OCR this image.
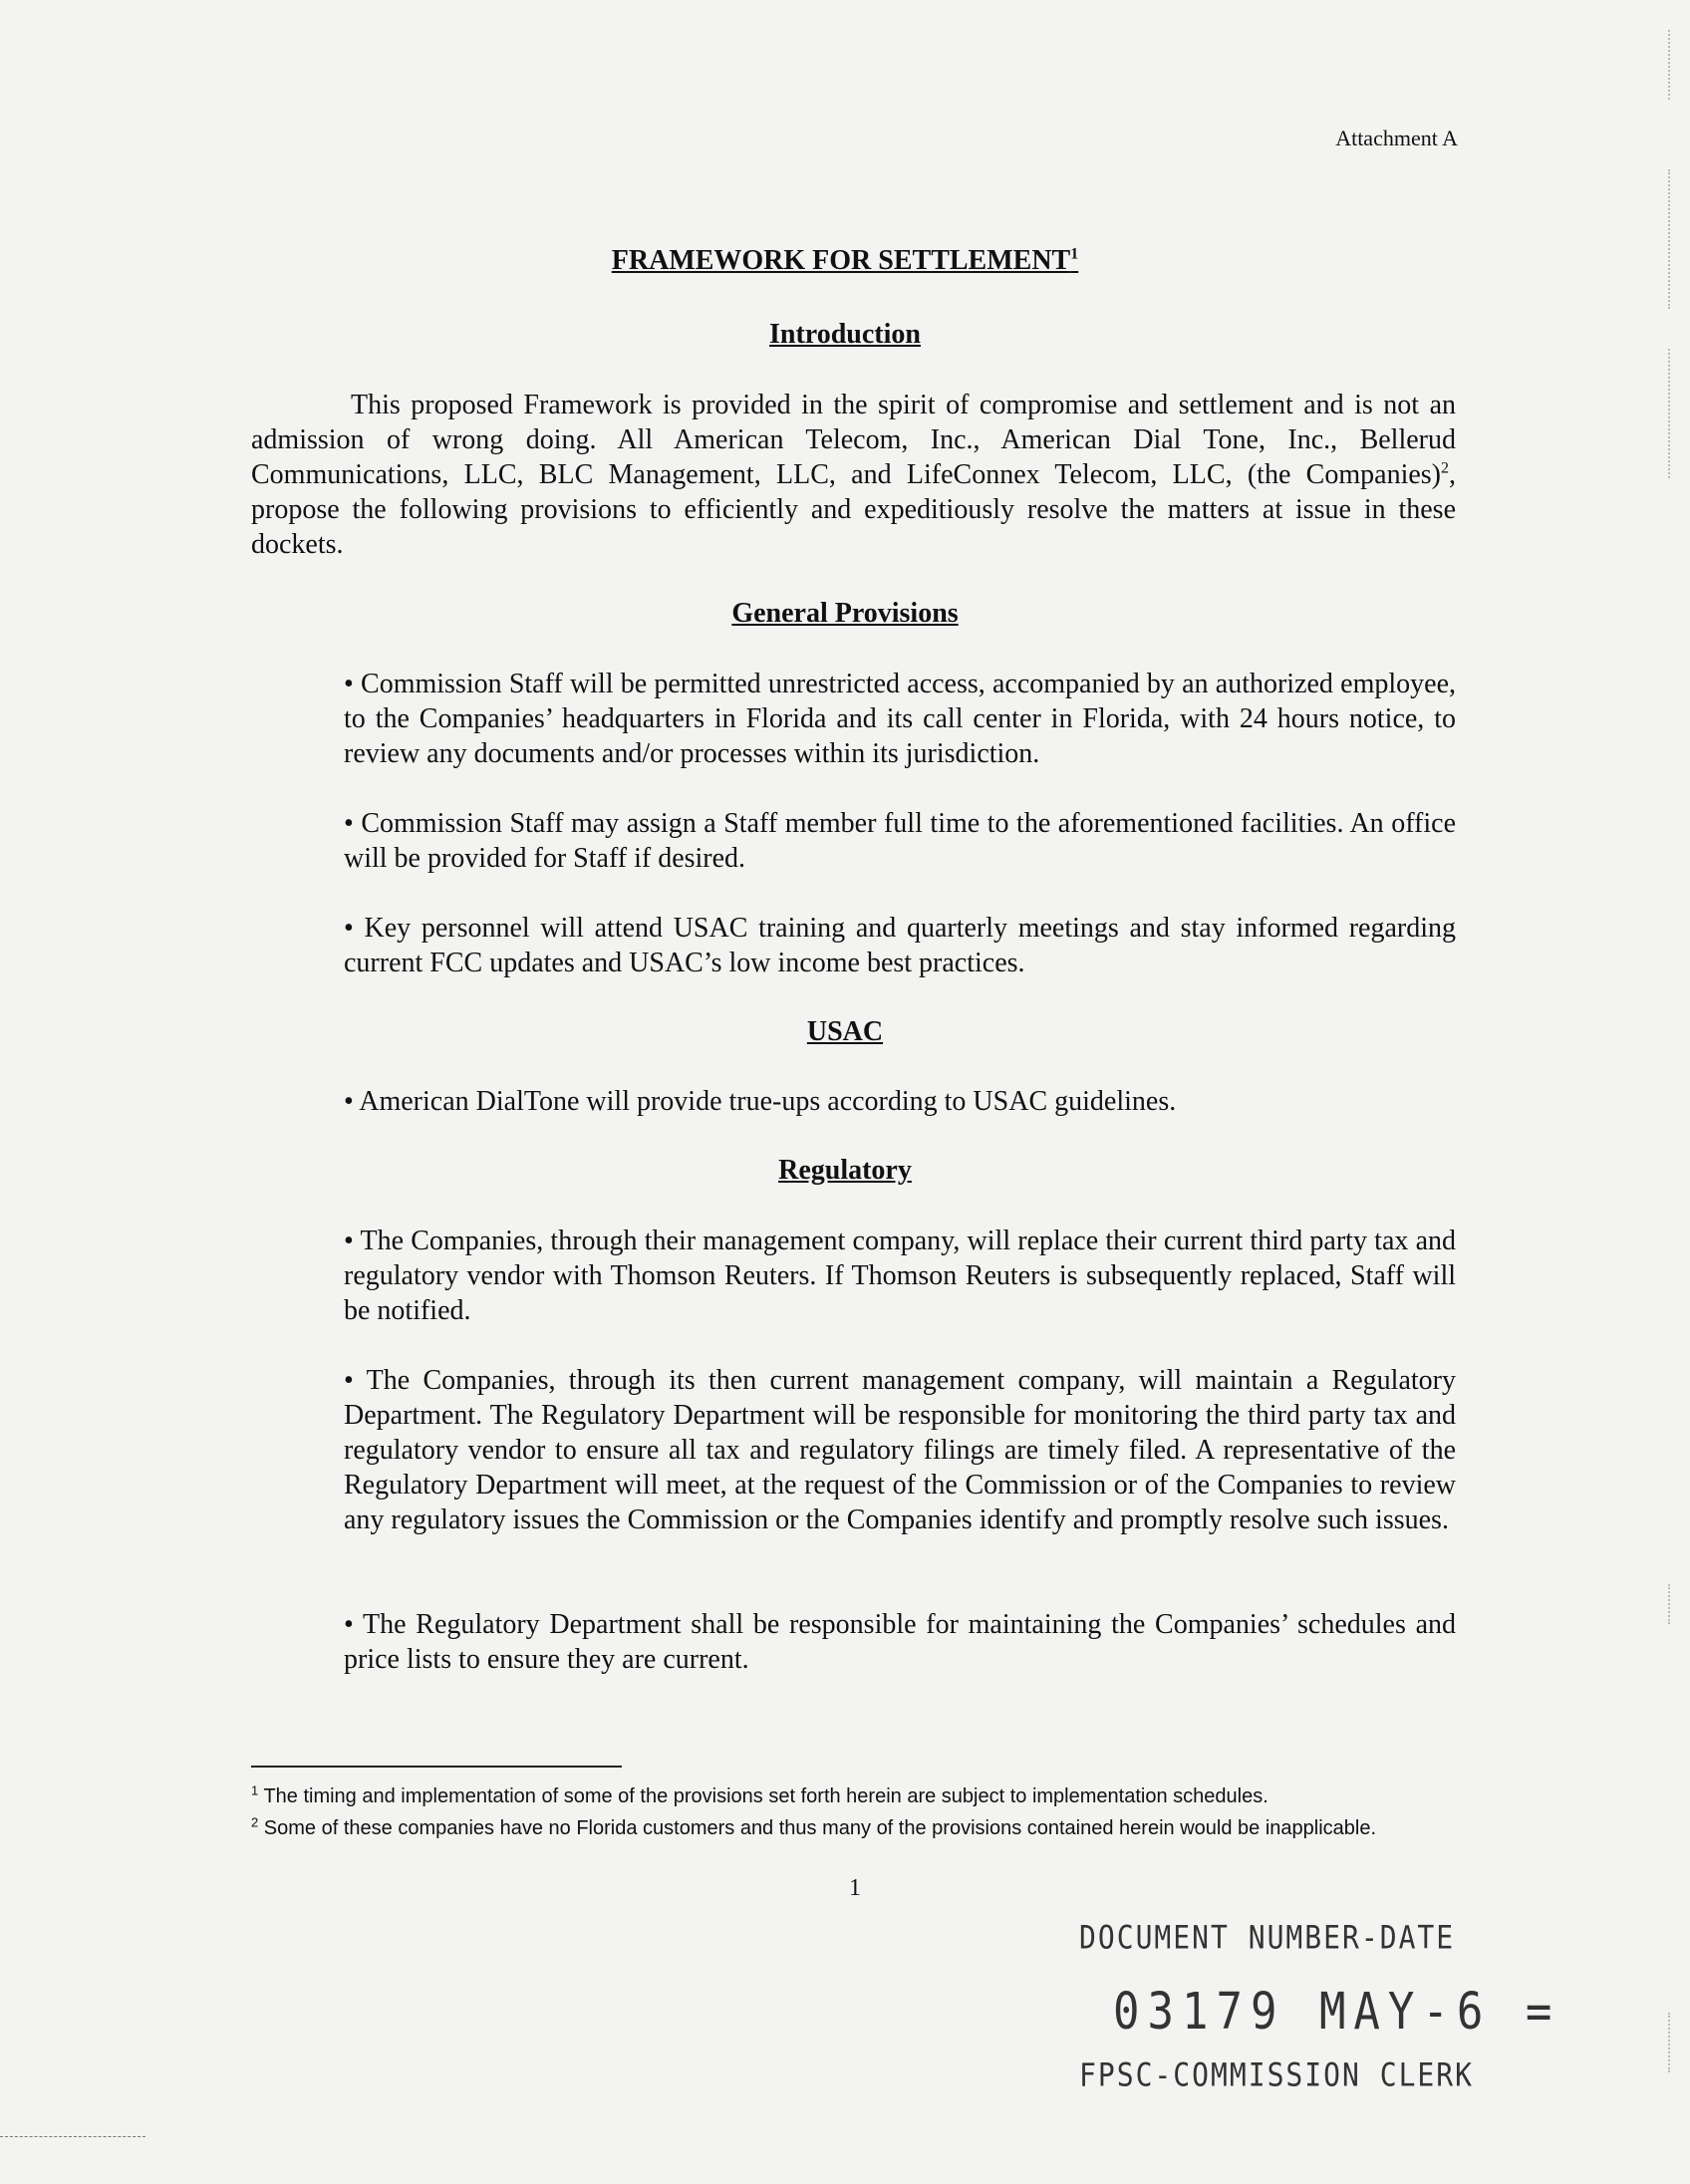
Attachment A
FRAMEWORK FOR SETTLEMENT$^1$
Introduction

This proposed Framework is provided in the spirit of compromise and settlement and is not an admission of wrong doing. All American Telecom, Inc., American Dial Tone, Inc., Bellerud Communications, LLC, BLC Management, LLC, and LifeConnex Telecom, LLC, (the Companies)$^2$, propose the following provisions to efficiently and expeditiously resolve the matters at issue in these dockets.

General Provisions

• Commission Staff will be permitted unrestricted access, accompanied by an authorized employee, to the Companies’ headquarters in Florida and its call center in Florida, with 24 hours notice, to review any documents and/or processes within its jurisdiction.

• Commission Staff may assign a Staff member full time to the aforementioned facilities. An office will be provided for Staff if desired.

• Key personnel will attend USAC training and quarterly meetings and stay informed regarding current FCC updates and USAC’s low income best practices.

USAC

• American DialTone will provide true-ups according to USAC guidelines.

Regulatory

• The Companies, through their management company, will replace their current third party tax and regulatory vendor with Thomson Reuters. If Thomson Reuters is subsequently replaced, Staff will be notified.

• The Companies, through its then current management company, will maintain a Regulatory Department. The Regulatory Department will be responsible for monitoring the third party tax and regulatory vendor to ensure all tax and regulatory filings are timely filed. A representative of the Regulatory Department will meet, at the request of the Commission or of the Companies to review any regulatory issues the Commission or the Companies identify and promptly resolve such issues.

• The Regulatory Department shall be responsible for maintaining the Companies’ schedules and price lists to ensure they are current.

$^1$ The timing and implementation of some of the provisions set forth herein are subject to implementation schedules.

$^2$ Some of these companies have no Florida customers and thus many of the provisions contained herein would be inapplicable.

1
DOCUMENT NUMBER-DATE
03179 MAY-6 =
FPSC-COMMISSION CLERK
